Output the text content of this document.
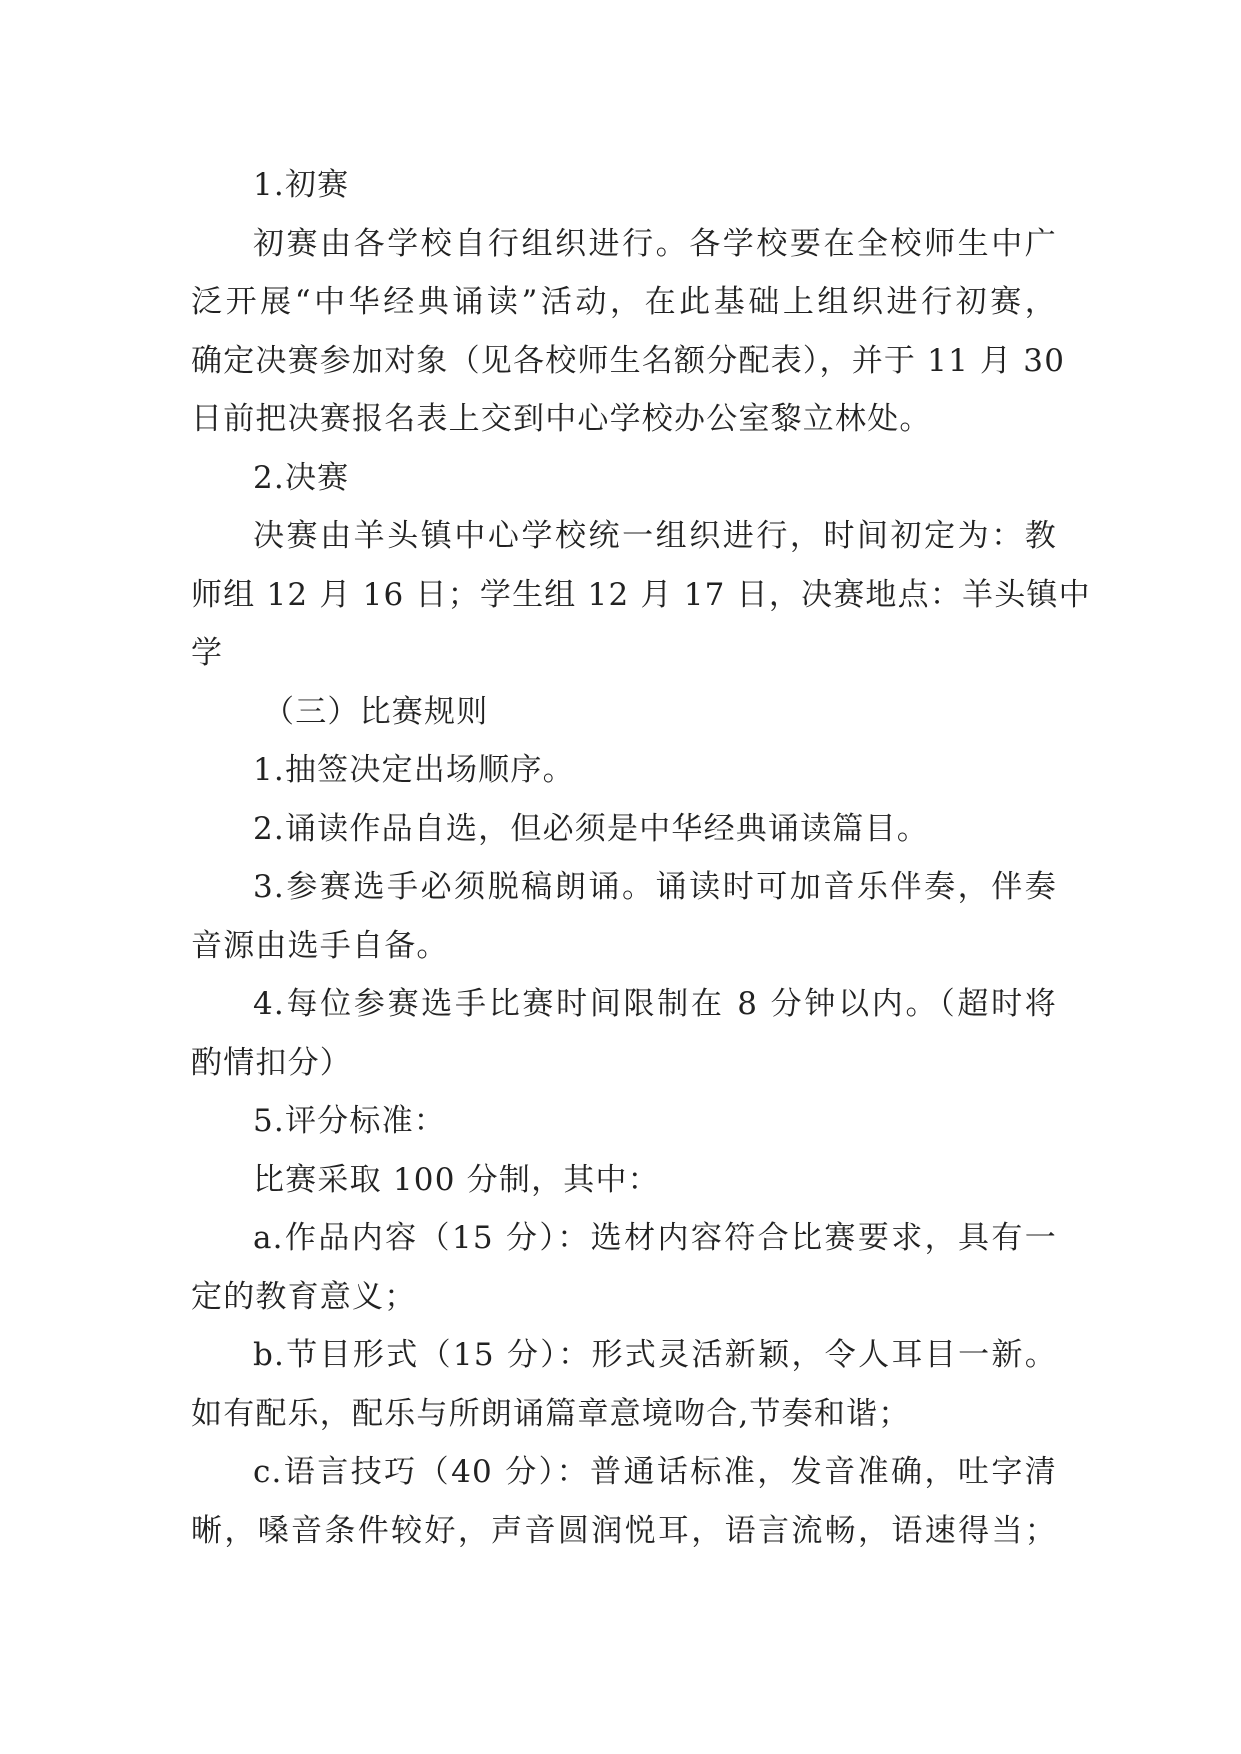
1.初赛
初赛由各学校自行组织进行。各学校要在全校师生中广
泛开展“中华经典诵读”活动，在此基础上组织进行初赛，
确定决赛参加对象（见各校师生名额分配表），并于 11 月 30
日前把决赛报名表上交到中心学校办公室黎立林处。
2.决赛
决赛由羊头镇中心学校统一组织进行，时间初定为：教
师组 12 月 16 日；学生组 12 月 17 日，决赛地点：羊头镇中
学
（三）比赛规则
1.抽签决定出场顺序。
2.诵读作品自选，但必须是中华经典诵读篇目。
3.参赛选手必须脱稿朗诵。诵读时可加音乐伴奏，伴奏
音源由选手自备。
4.每位参赛选手比赛时间限制在 8 分钟以内。（超时将
酌情扣分）
5.评分标准：
比赛采取 100 分制，其中：
a.作品内容（15 分）：选材内容符合比赛要求，具有一
定的教育意义；
b.节目形式（15 分）：形式灵活新颖，令人耳目一新。
如有配乐，配乐与所朗诵篇章意境吻合,节奏和谐；
c.语言技巧（40 分）：普通话标准，发音准确，吐字清
晰，嗓音条件较好，声音圆润悦耳，语言流畅，语速得当；
